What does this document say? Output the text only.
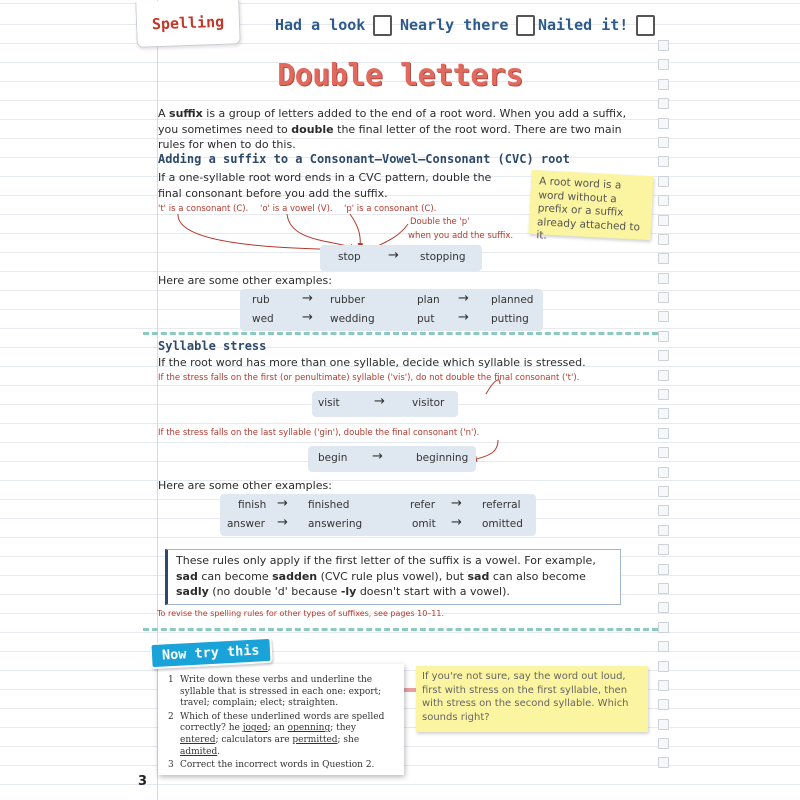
Spelling	Had a look Nearly there Nailed it!
Double letters
A suffix is a group of letters added to the end of a root word. When you add a suffix, you sometimes need to double the final letter of the root word. There are two main rules for when to do this.
Adding a suffix to a Consonant–Vowel–Consonant (CVC) root
If a one-syllable root word ends in a CVC pattern, double the final consonant before you add the suffix.
A root word is a word without a prefix or a suffix already attached to it.
't' is a consonant (C). 'o' is a vowel (V). 'p' is a consonant (C).
Double the 'p'
when you add the suffix.
stop → stopping
Here are some other examples:
rub → rubber	plan → planned
wed → wedding	put → putting
Syllable stress
If the root word has more than one syllable, decide which syllable is stressed.
If the stress falls on the first (or penultimate) syllable ('vis'), do not double the final consonant ('t').
visit	→	visitor
If the stress falls on the last syllable ('gin'), double the final consonant ('n').
begin →	beginning
Here are some other examples:
finish → finished	refer → referral
answer → answering	omit → omitted
These rules only apply if the first letter of the suffix is a vowel. For example, sad can become sadden (CVC rule plus vowel), but sad can also become sadly (no double 'd' because -ly doesn't start with a vowel).
To revise the spelling rules for other types of suffixes, see pages 10–11.
1 Write down these verbs and underline the syllable that is stressed in each one: export; travel; complain; elect; straighten.
2 Which of these underlined words are spelled correctly? he joged; an openning; they entered; calculators are permitted; she admited.
3 Correct the incorrect words in Question 2.
Now try this
If you're not sure, say the word out loud, first with stress on the first syllable, then with stress on the second syllable. Which sounds right?
3
